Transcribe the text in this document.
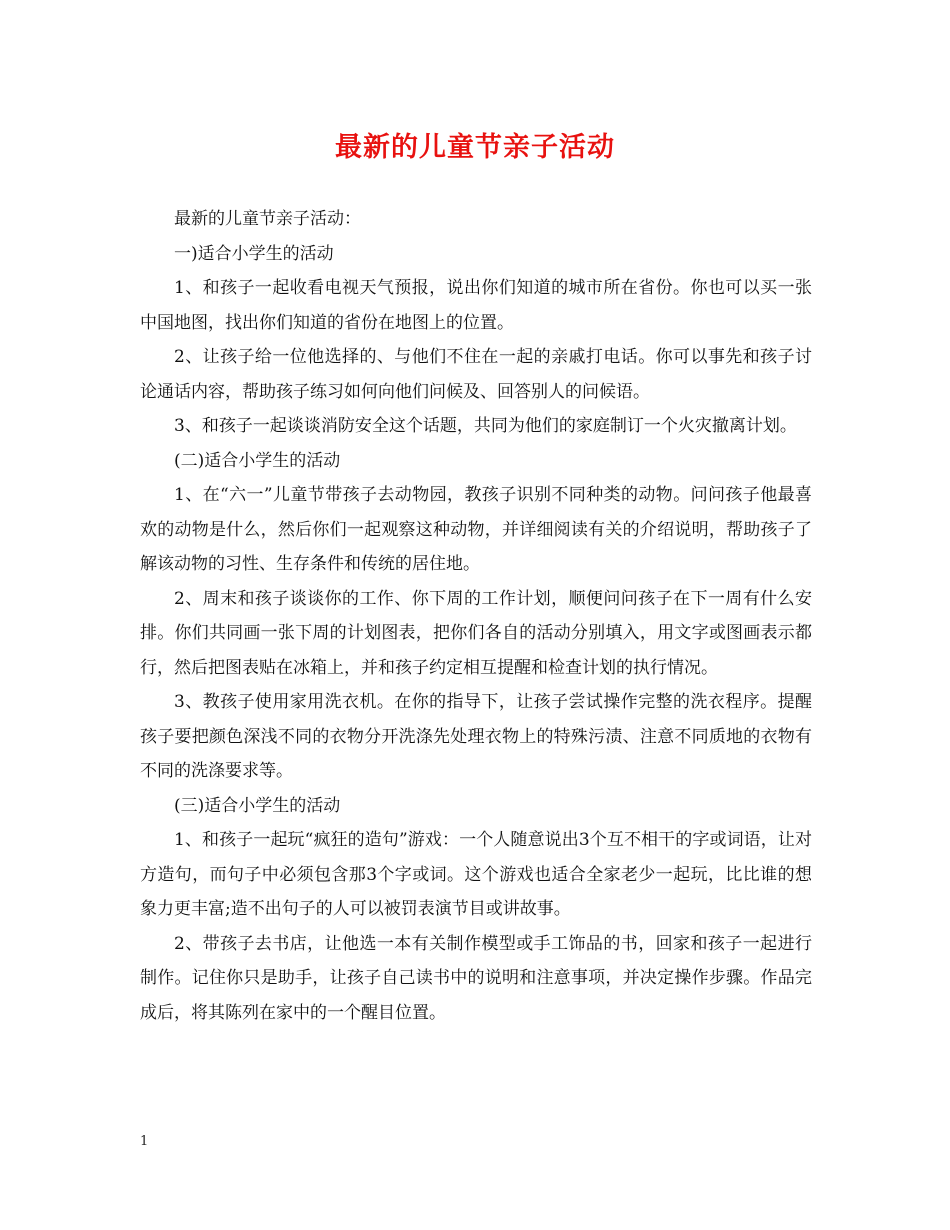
最新的儿童节亲子活动

最新的儿童节亲子活动：

一)适合小学生的活动

1、和孩子一起收看电视天气预报，说出你们知道的城市所在省份。你也可以买一张中国地图，找出你们知道的省份在地图上的位置。

2、让孩子给一位他选择的、与他们不住在一起的亲戚打电话。你可以事先和孩子讨论通话内容，帮助孩子练习如何向他们问候及、回答别人的问候语。

3、和孩子一起谈谈消防安全这个话题，共同为他们的家庭制订一个火灾撤离计划。

(二)适合小学生的活动

1、在“六一”儿童节带孩子去动物园，教孩子识别不同种类的动物。问问孩子他最喜欢的动物是什么，然后你们一起观察这种动物，并详细阅读有关的介绍说明，帮助孩子了解该动物的习性、生存条件和传统的居住地。

2、周末和孩子谈谈你的工作、你下周的工作计划，顺便问问孩子在下一周有什么安排。你们共同画一张下周的计划图表，把你们各自的活动分别填入，用文字或图画表示都行，然后把图表贴在冰箱上，并和孩子约定相互提醒和检查计划的执行情况。

3、教孩子使用家用洗衣机。在你的指导下，让孩子尝试操作完整的洗衣程序。提醒孩子要把颜色深浅不同的衣物分开洗涤先处理衣物上的特殊污渍、注意不同质地的衣物有不同的洗涤要求等。

(三)适合小学生的活动

1、和孩子一起玩“疯狂的造句”游戏：一个人随意说出3个互不相干的字或词语，让对方造句，而句子中必须包含那3个字或词。这个游戏也适合全家老少一起玩，比比谁的想象力更丰富;造不出句子的人可以被罚表演节目或讲故事。

2、带孩子去书店，让他选一本有关制作模型或手工饰品的书，回家和孩子一起进行制作。记住你只是助手，让孩子自己读书中的说明和注意事项，并决定操作步骤。作品完成后，将其陈列在家中的一个醒目位置。

1
